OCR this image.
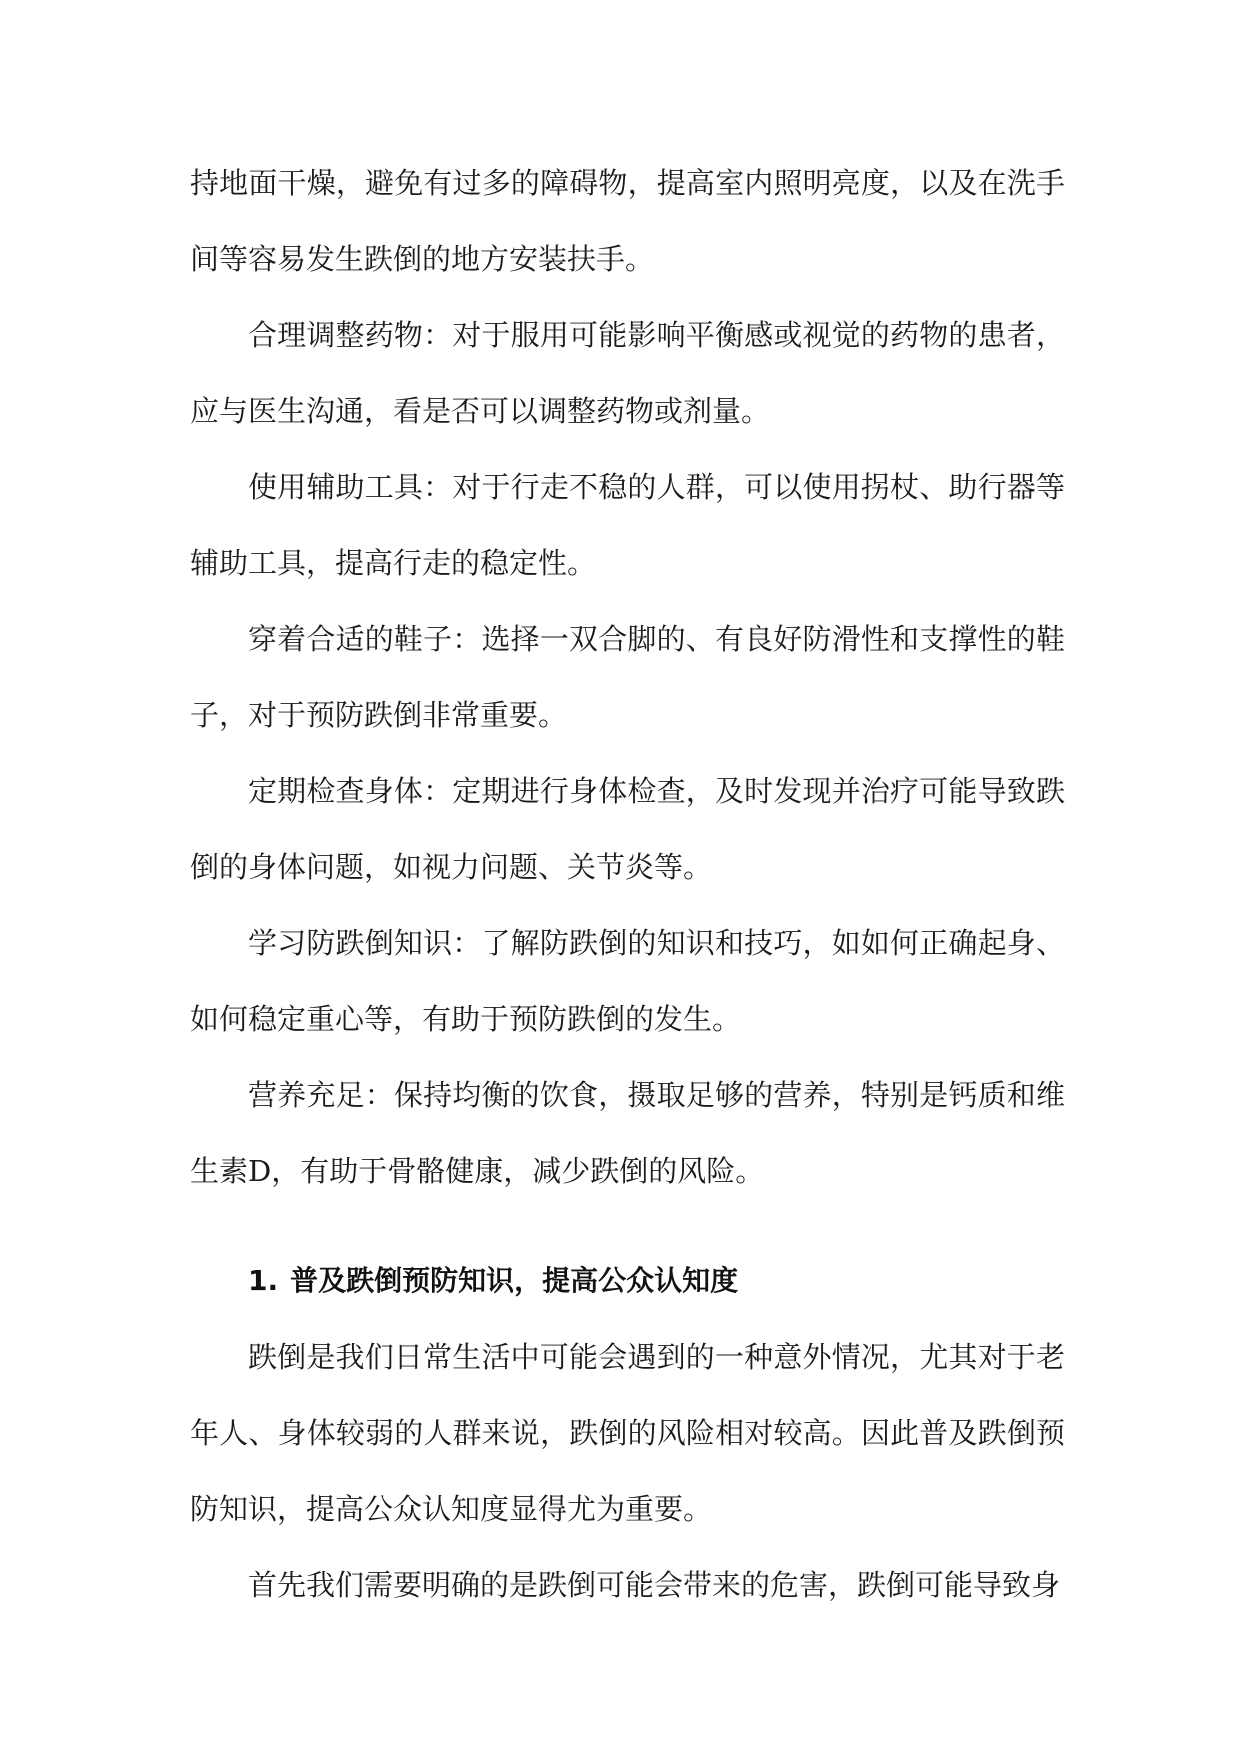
持地面干燥，避免有过多的障碍物，提高室内照明亮度，以及在洗手间等容易发生跌倒的地方安装扶手。

合理调整药物：对于服用可能影响平衡感或视觉的药物的患者，应与医生沟通，看是否可以调整药物或剂量。

使用辅助工具：对于行走不稳的人群，可以使用拐杖、助行器等辅助工具，提高行走的稳定性。

穿着合适的鞋子：选择一双合脚的、有良好防滑性和支撑性的鞋子，对于预防跌倒非常重要。

定期检查身体：定期进行身体检查，及时发现并治疗可能导致跌倒的身体问题，如视力问题、关节炎等。

学习防跌倒知识：了解防跌倒的知识和技巧，如如何正确起身、如何稳定重心等，有助于预防跌倒的发生。

营养充足：保持均衡的饮食，摄取足够的营养，特别是钙质和维生素D，有助于骨骼健康，减少跌倒的风险。

1. 普及跌倒预防知识，提高公众认知度

跌倒是我们日常生活中可能会遇到的一种意外情况，尤其对于老年人、身体较弱的人群来说，跌倒的风险相对较高。因此普及跌倒预防知识，提高公众认知度显得尤为重要。

首先我们需要明确的是跌倒可能会带来的危害，跌倒可能导致身
